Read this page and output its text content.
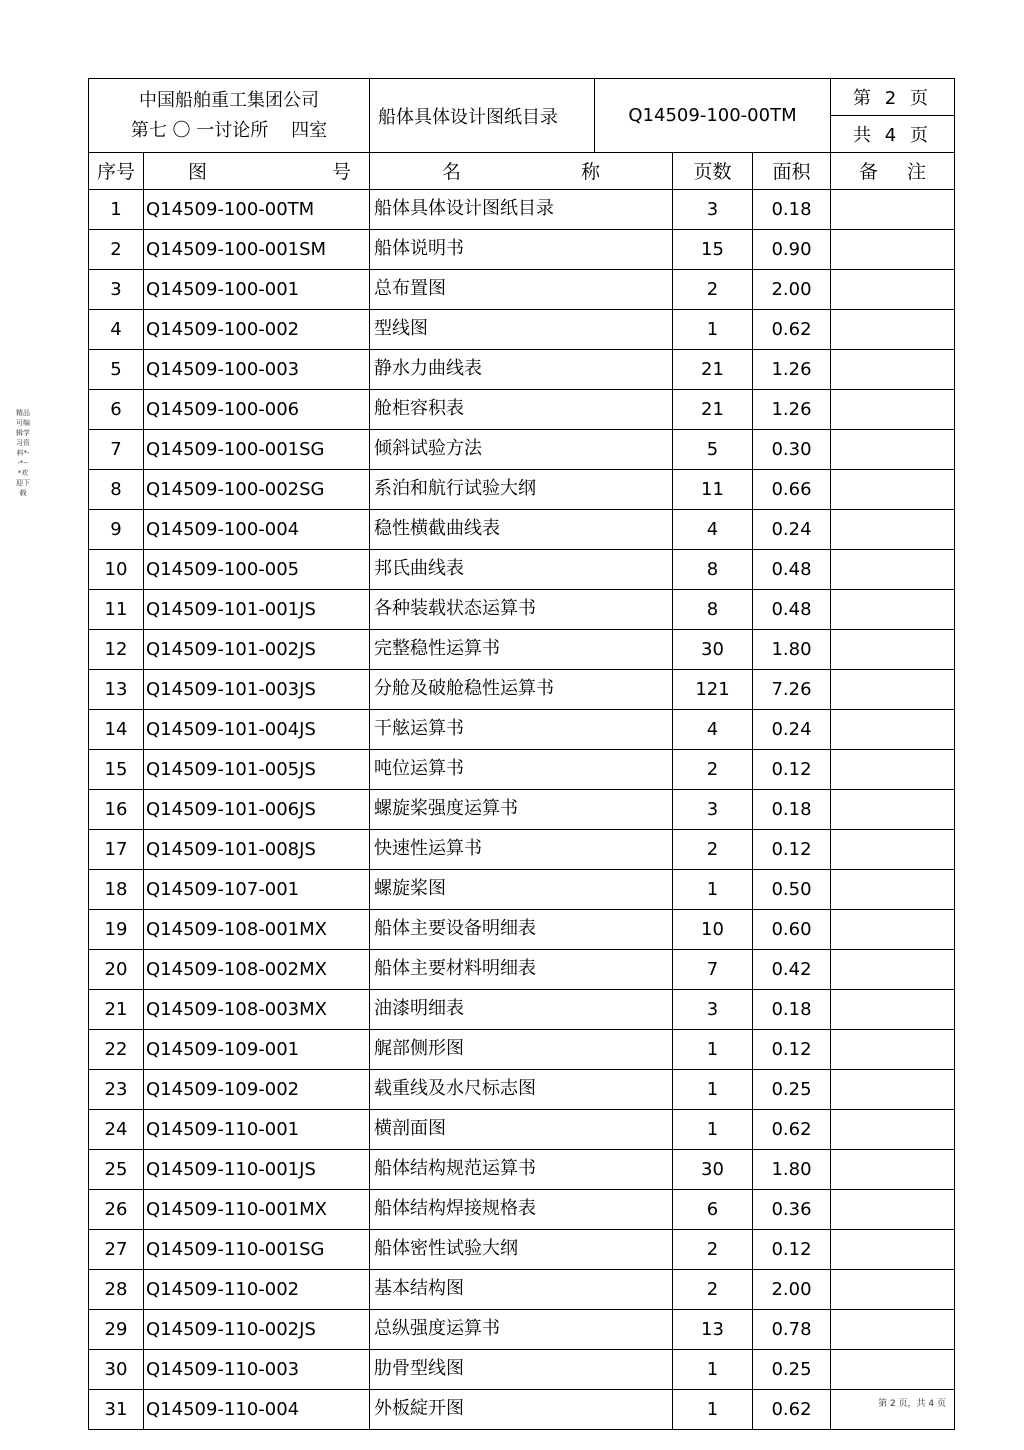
精品可编辑学习资料*--*--*欢迎下载
中国船舶重工集团公司
第七 〇 一讨论所 四室
	船体具体设计图纸目录	Q14509-100-00TM	第 2 页
共 4 页
序号	图 号	名 称	页数	面积	备 注

1	Q14509-100-00TM	船体具体设计图纸目录	3	0.18	
2	Q14509-100-001SM	船体说明书	15	0.90	
3	Q14509-100-001	总布置图	2	2.00	
4	Q14509-100-002	型线图	1	0.62	
5	Q14509-100-003	静水力曲线表	21	1.26	
6	Q14509-100-006	舱柜容积表	21	1.26	
7	Q14509-100-001SG	倾斜试验方法	5	0.30	
8	Q14509-100-002SG	系泊和航行试验大纲	11	0.66	
9	Q14509-100-004	稳性横截曲线表	4	0.24	
10	Q14509-100-005	邦氏曲线表	8	0.48	
11	Q14509-101-001JS	各种装载状态运算书	8	0.48	
12	Q14509-101-002JS	完整稳性运算书	30	1.80	
13	Q14509-101-003JS	分舱及破舱稳性运算书	121	7.26	
14	Q14509-101-004JS	干舷运算书	4	0.24	
15	Q14509-101-005JS	吨位运算书	2	0.12	
16	Q14509-101-006JS	螺旋桨强度运算书	3	0.18	
17	Q14509-101-008JS	快速性运算书	2	0.12	
18	Q14509-107-001	螺旋桨图	1	0.50	
19	Q14509-108-001MX	船体主要设备明细表	10	0.60	
20	Q14509-108-002MX	船体主要材料明细表	7	0.42	
21	Q14509-108-003MX	油漆明细表	3	0.18	
22	Q14509-109-001	艉部侧形图	1	0.12	
23	Q14509-109-002	载重线及水尺标志图	1	0.25	
24	Q14509-110-001	横剖面图	1	0.62	
25	Q14509-110-001JS	船体结构规范运算书	30	1.80	
26	Q14509-110-001MX	船体结构焊接规格表	6	0.36	
27	Q14509-110-001SG	船体密性试验大纲	2	0.12	
28	Q14509-110-002	基本结构图	2	2.00	
29	Q14509-110-002JS	总纵强度运算书	13	0.78	
30	Q14509-110-003	肋骨型线图	1	0.25	
31	Q14509-110-004	外板綻开图	1	0.62		第 2 页，共 4 页
